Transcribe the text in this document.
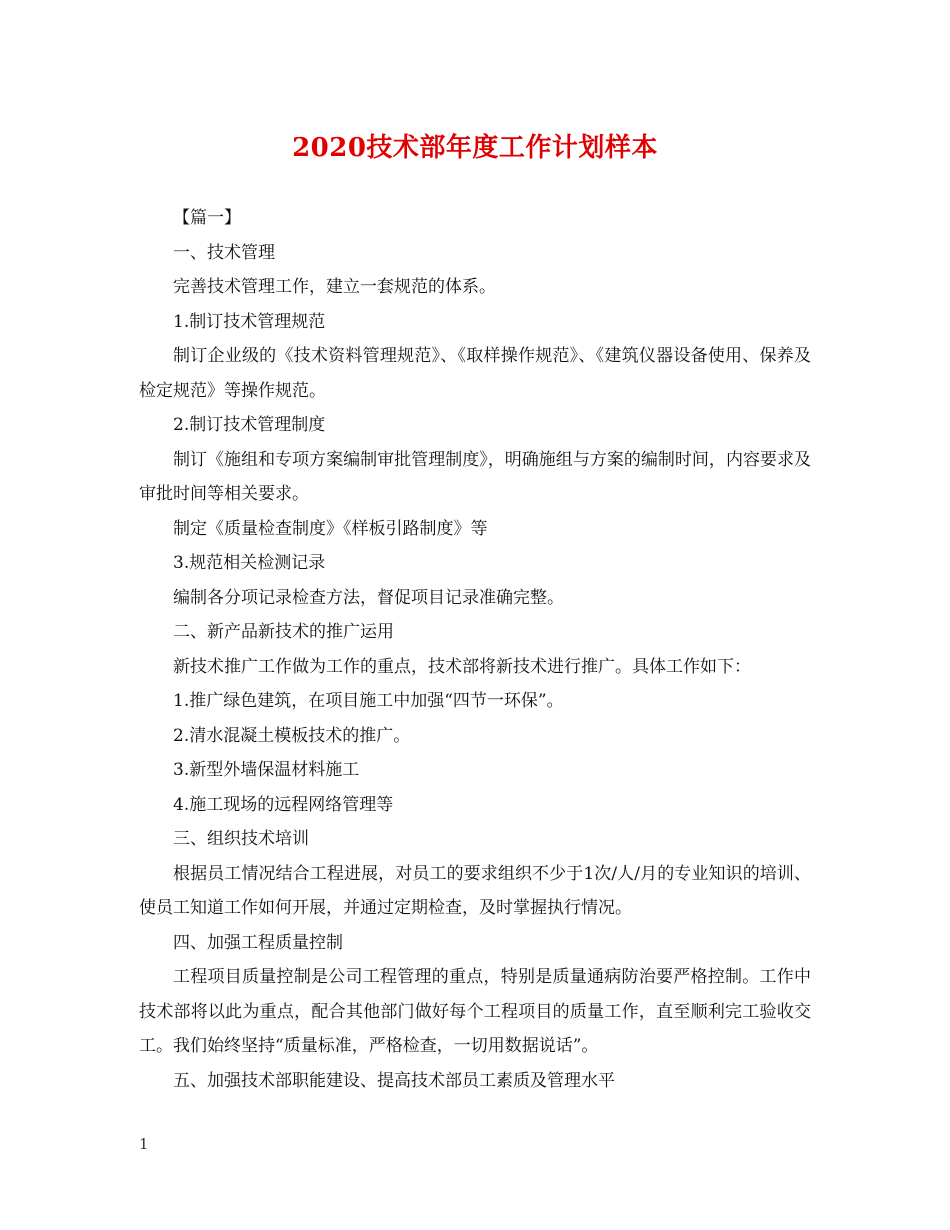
2020技术部年度工作计划样本

【篇一】

一、技术管理

完善技术管理工作，建立一套规范的体系。

1.制订技术管理规范

制订企业级的《技术资料管理规范》、《取样操作规范》、《建筑仪器设备使用、保养及检定规范》等操作规范。

2.制订技术管理制度

制订《施组和专项方案编制审批管理制度》，明确施组与方案的编制时间，内容要求及审批时间等相关要求。

制定《质量检查制度》《样板引路制度》等

3.规范相关检测记录

编制各分项记录检查方法，督促项目记录准确完整。

二、新产品新技术的推广运用

新技术推广工作做为工作的重点，技术部将新技术进行推广。具体工作如下：

1.推广绿色建筑，在项目施工中加强“四节一环保”。

2.清水混凝土模板技术的推广。

3.新型外墙保温材料施工

4.施工现场的远程网络管理等

三、组织技术培训

根据员工情况结合工程进展，对员工的要求组织不少于1次/人/月的专业知识的培训、使员工知道工作如何开展，并通过定期检查，及时掌握执行情况。

四、加强工程质量控制

工程项目质量控制是公司工程管理的重点，特别是质量通病防治要严格控制。工作中技术部将以此为重点，配合其他部门做好每个工程项目的质量工作，直至顺利完工验收交工。我们始终坚持“质量标准，严格检查，一切用数据说话”。

五、加强技术部职能建设、提高技术部员工素质及管理水平

1
